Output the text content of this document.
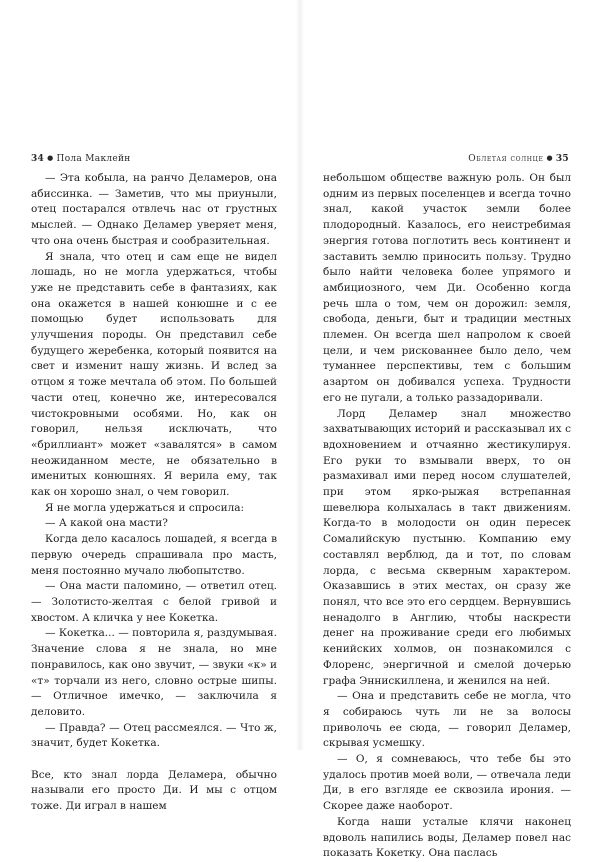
34 ● Пола Маклейн

— Эта кобыла, на ранчо Деламеров, она абиссинка. — Заметив, что мы приуныли, отец постарался отвлечь нас от грустных мыслей. — Однако Деламер уверяет меня, что она очень быстрая и сообразительная.

Я знала, что отец и сам еще не видел лошадь, но не могла удержаться, чтобы уже не представить себе в фантазиях, как она окажется в нашей конюшне и с ее помощью будет использовать для улучшения породы. Он представил себе будущего жеребенка, который появится на свет и изменит нашу жизнь. И вслед за отцом я тоже мечтала об этом. По большей части отец, конечно же, интересовался чистокровными особями. Но, как он говорил, нельзя исключать, что «бриллиант» может «завалятся» в самом неожиданном месте, не обязательно в именитых конюшнях. Я верила ему, так как он хорошо знал, о чем говорил.

Я не могла удержаться и спросила:

— А какой она масти?

Когда дело касалось лошадей, я всегда в первую очередь спрашивала про масть, меня постоянно мучало любопытство.

— Она масти паломино, — ответил отец. — Золотисто-желтая с белой гривой и хвостом. А кличка у нее Кокетка.

— Кокетка... — повторила я, раздумывая. Значение слова я не знала, но мне понравилось, как оно звучит, — звуки «к» и «т» торчали из него, словно острые шипы. — Отличное имечко, — заключила я деловито.

— Правда? — Отец рассмеялся. — Что ж, значит, будет Кокетка.

Все, кто знал лорда Деламера, обычно называли его просто Ди. И мы с отцом тоже. Ди играл в нашем

Облетая солнце ● 35

небольшом обществе важную роль. Он был одним из первых поселенцев и всегда точно знал, какой участок земли более плодородный. Казалось, его неистребимая энергия готова поглотить весь континент и заставить землю приносить пользу. Трудно было найти человека более упрямого и амбициозного, чем Ди. Особенно когда речь шла о том, чем он дорожил: земля, свобода, деньги, быт и традиции местных племен. Он всегда шел напролом к своей цели, и чем рискованнее было дело, чем туманнее перспективы, тем с большим азартом он добивался успеха. Трудности его не пугали, а только раззадоривали.

Лорд Деламер знал множество захватывающих историй и рассказывал их с вдохновением и отчаянно жестикулируя. Его руки то взмывали вверх, то он размахивал ими перед носом слушателей, при этом ярко-рыжая встрепанная шевелюра колыхалась в такт движениям. Когда-то в молодости он один пересек Сомалийскую пустыню. Компанию ему составлял верблюд, да и тот, по словам лорда, с весьма скверным характером. Оказавшись в этих местах, он сразу же понял, что все это его сердцем. Вернувшись ненадолго в Англию, чтобы наскрести денег на проживание среди его любимых кенийских холмов, он познакомился с Флоренс, энергичной и смелой дочерью графа Эннискиллена, и женился на ней.

— Она и представить себе не могла, что я собираюсь чуть ли не за волосы приволочь ее сюда, — говорил Деламер, скрывая усмешку.

— О, я сомневаюсь, что тебе бы это удалось против моей воли, — отвечала леди Ди, в его взгляде ее сквозила ирония. — Скорее даже наоборот.

Когда наши усталые клячи наконец вдоволь напились воды, Деламер повел нас показать Кокетку. Она паслась
